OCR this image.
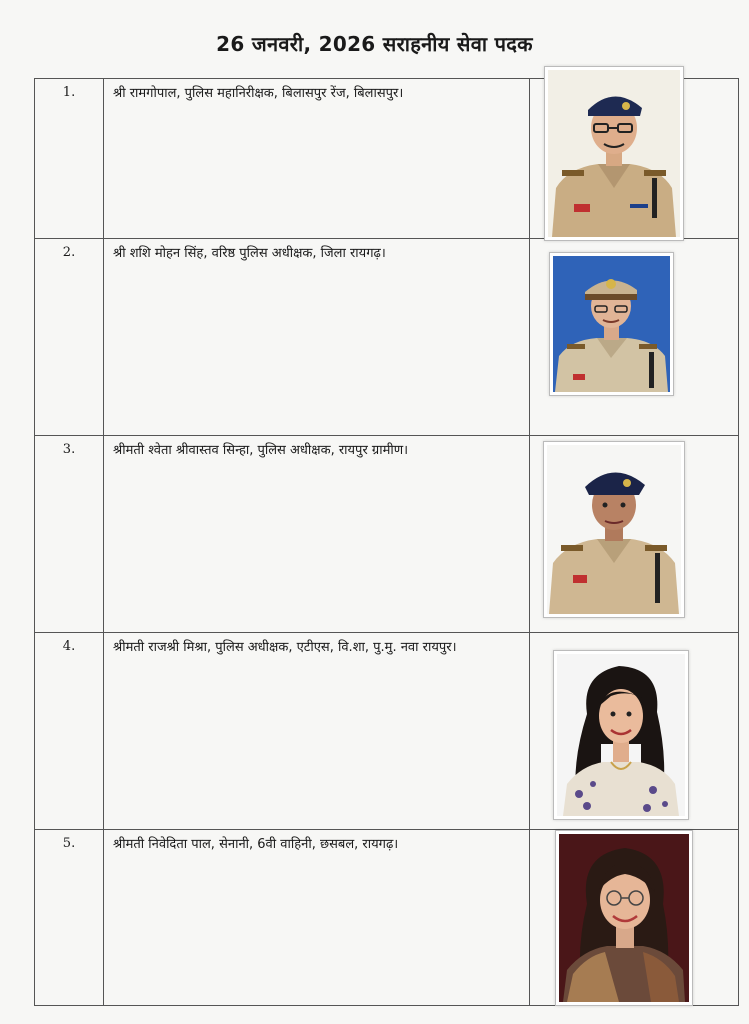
26 जनवरी, 2026 सराहनीय सेवा पदक
1.	श्री रामगोपाल, पुलिस महानिरीक्षक, बिलासपुर रेंज, बिलासपुर।	
2.	श्री शशि मोहन सिंह, वरिष्ठ पुलिस अधीक्षक, जिला रायगढ़।	
3.	श्रीमती श्वेता श्रीवास्तव सिन्हा, पुलिस अधीक्षक, रायपुर ग्रामीण।	
4.	श्रीमती राजश्री मिश्रा, पुलिस अधीक्षक, एटीएस, वि.शा, पु.मु. नवा रायपुर।	
5.	श्रीमती निवेदिता पाल, सेनानी, 6वी वाहिनी, छसबल, रायगढ़।	
